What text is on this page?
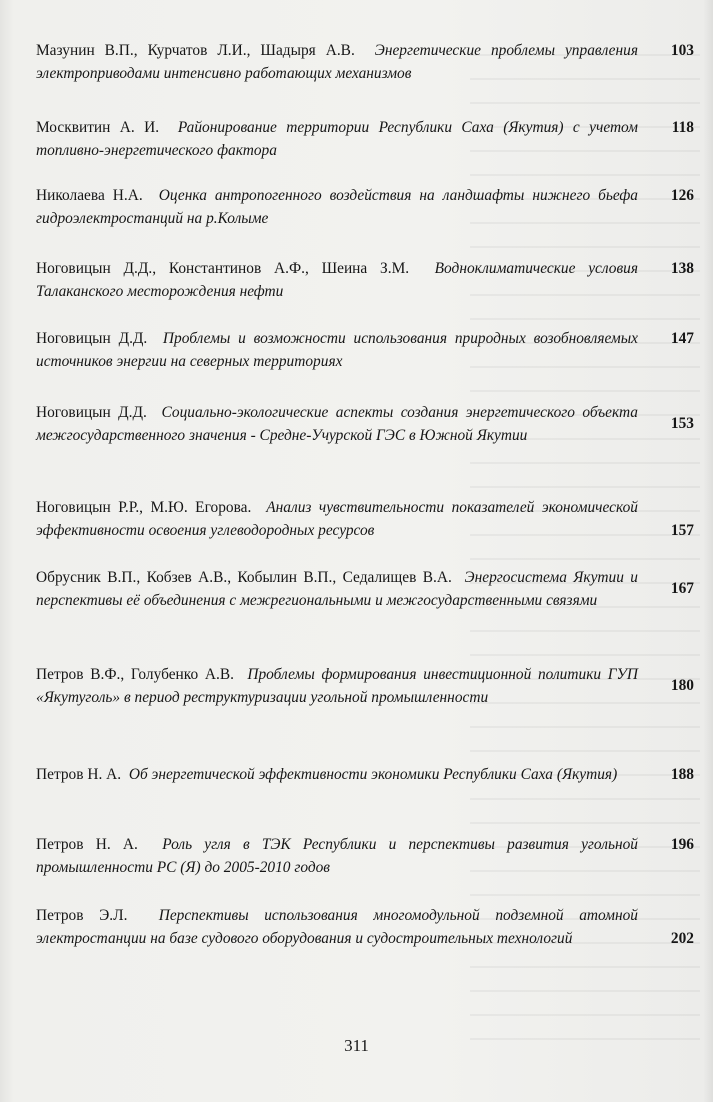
Мазунин В.П., Курчатов Л.И., Шадыря А.В.  Энергетические проблемы управления электроприводами интенсивно работающих механизмов
103
Москвитин А. И.  Районирование территории Республики Саха (Якутия) с учетом топливно-энергетического фактора
118
Николаева Н.А.  Оценка антропогенного воздействия на ландшафты нижнего бьефа гидроэлектростанций на р.Колыме
126
Ноговицын Д.Д., Константинов А.Ф., Шеина З.М.  Водноклиматические условия Талаканского месторождения нефти
138
Ноговицын Д.Д.  Проблемы и возможности использования природных возобновляемых источников энергии на северных территориях
147
Ноговицын Д.Д.  Социально-экологические аспекты создания энергетического объекта межгосударственного значения - Средне-Учурской ГЭС в Южной Якутии
153
Ноговицын Р.Р., М.Ю. Егорова.  Анализ чувствительности показателей экономической эффективности освоения углеводородных ресурсов	157
Обрусник В.П., Кобзев А.В., Кобылин В.П., Седалищев В.А.  Энергосистема Якутии и перспективы её объединения с межрегиональными и межгосударственными связями
167
Петров В.Ф., Голубенко А.В.  Проблемы формирования инвестиционной политики ГУП «Якутуголь» в период реструктуризации угольной промышленности
180
Петров Н. А.  Об энергетической эффективности экономики Республики Саха (Якутия)	188
Петров Н. А.  Роль угля в ТЭК Республики и перспективы развития угольной промышленности РС (Я) до 2005-2010 годов
196
Петров Э.Л.  Перспективы использования многомодульной подземной атомной электростанции на базе судового оборудования и судостроительных технологий	202
311
